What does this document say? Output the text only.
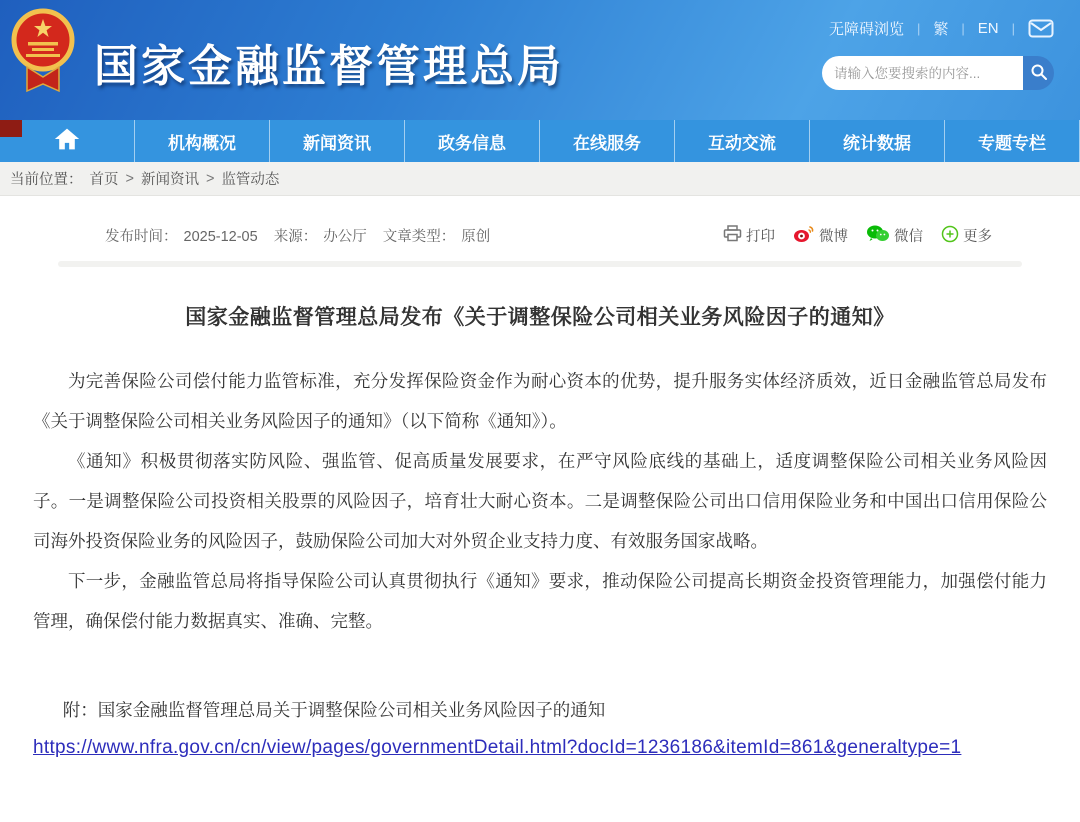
国家金融监督管理总局
无障碍浏览 | 繁 | EN |
请输入您要搜索的内容...
机构概况	新闻资讯	政务信息	在线服务	互动交流	统计数据	专题专栏
当前位置： 首页 > 新闻资讯 > 监管动态
发布时间： 2025-12-05 来源： 办公厅 文章类型： 原创	打印	微博	微信	更多
国家金融监督管理总局发布《关于调整保险公司相关业务风险因子的通知》

为完善保险公司偿付能力监管标准，充分发挥保险资金作为耐心资本的优势，提升服务实体经济质效，近日金融监管总局发布《关于调整保险公司相关业务风险因子的通知》（以下简称《通知》）。

《通知》积极贯彻落实防风险、强监管、促高质量发展要求，在严守风险底线的基础上，适度调整保险公司相关业务风险因子。一是调整保险公司投资相关股票的风险因子，培育壮大耐心资本。二是调整保险公司出口信用保险业务和中国出口信用保险公司海外投资保险业务的风险因子，鼓励保险公司加大对外贸企业支持力度、有效服务国家战略。

下一步，金融监管总局将指导保险公司认真贯彻执行《通知》要求，推动保险公司提高长期资金投资管理能力，加强偿付能力管理，确保偿付能力数据真实、准确、完整。

附：国家金融监督管理总局关于调整保险公司相关业务风险因子的通知
https://www.nfra.gov.cn/cn/view/pages/governmentDetail.html?docId=1236186&itemId=861&generaltype=1
